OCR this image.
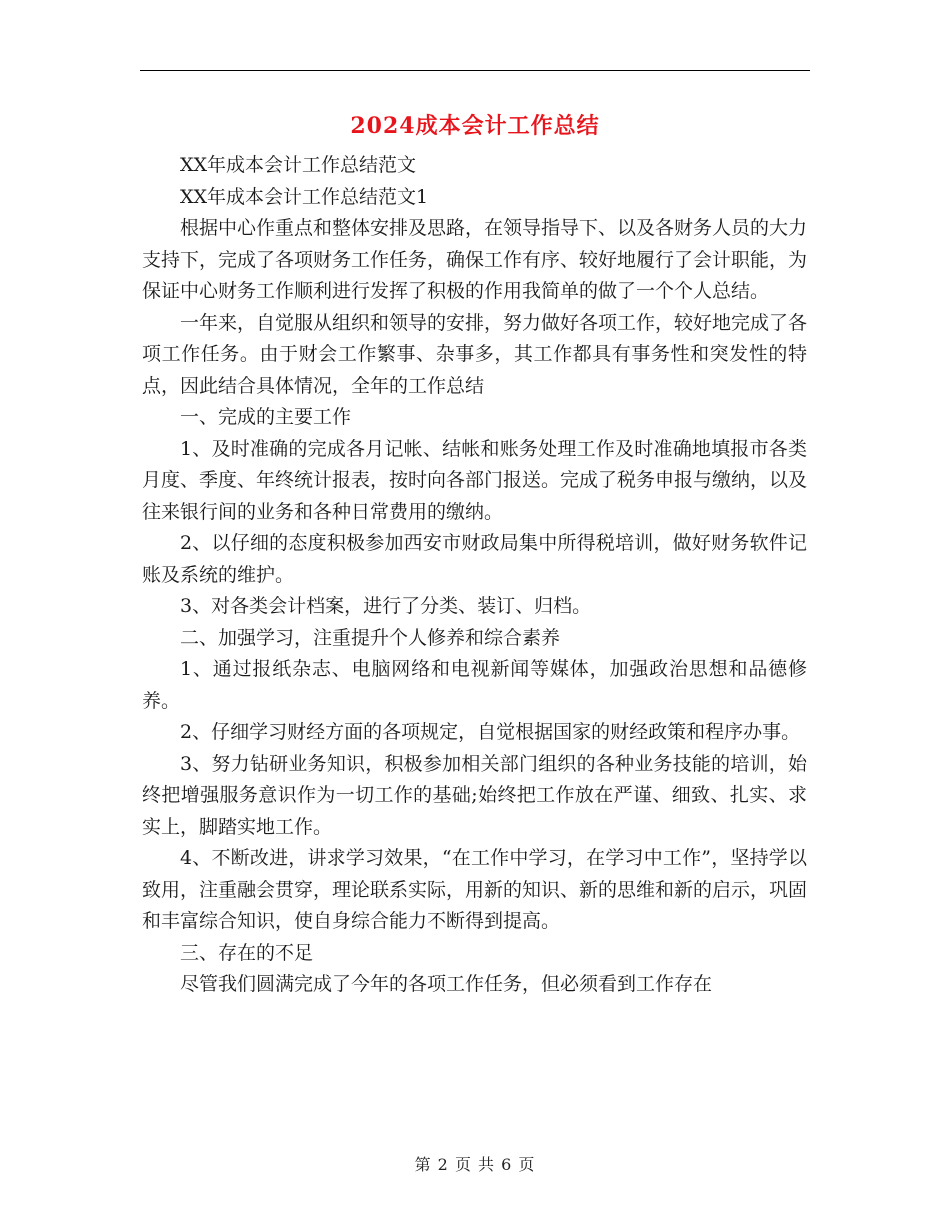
2024成本会计工作总结

XX年成本会计工作总结范文

XX年成本会计工作总结范文1

根据中心作重点和整体安排及思路，在领导指导下、以及各财务人员的大力支持下，完成了各项财务工作任务，确保工作有序、较好地履行了会计职能，为保证中心财务工作顺利进行发挥了积极的作用我简单的做了一个个人总结。

一年来，自觉服从组织和领导的安排，努力做好各项工作，较好地完成了各项工作任务。由于财会工作繁事、杂事多，其工作都具有事务性和突发性的特点，因此结合具体情况，全年的工作总结

一、完成的主要工作

1、及时准确的完成各月记帐、结帐和账务处理工作及时准确地填报市各类月度、季度、年终统计报表，按时向各部门报送。完成了税务申报与缴纳，以及往来银行间的业务和各种日常费用的缴纳。

2、以仔细的态度积极参加西安市财政局集中所得税培训，做好财务软件记账及系统的维护。

3、对各类会计档案，进行了分类、装订、归档。

二、加强学习，注重提升个人修养和综合素养

1、通过报纸杂志、电脑网络和电视新闻等媒体，加强政治思想和品德修养。

2、仔细学习财经方面的各项规定，自觉根据国家的财经政策和程序办事。

3、努力钻研业务知识，积极参加相关部门组织的各种业务技能的培训，始终把增强服务意识作为一切工作的基础;始终把工作放在严谨、细致、扎实、求实上，脚踏实地工作。

4、不断改进，讲求学习效果，“在工作中学习，在学习中工作”，坚持学以致用，注重融会贯穿，理论联系实际，用新的知识、新的思维和新的启示，巩固和丰富综合知识，使自身综合能力不断得到提高。

三、存在的不足

尽管我们圆满完成了今年的各项工作任务，但必须看到工作存在

第 2 页 共 6 页
